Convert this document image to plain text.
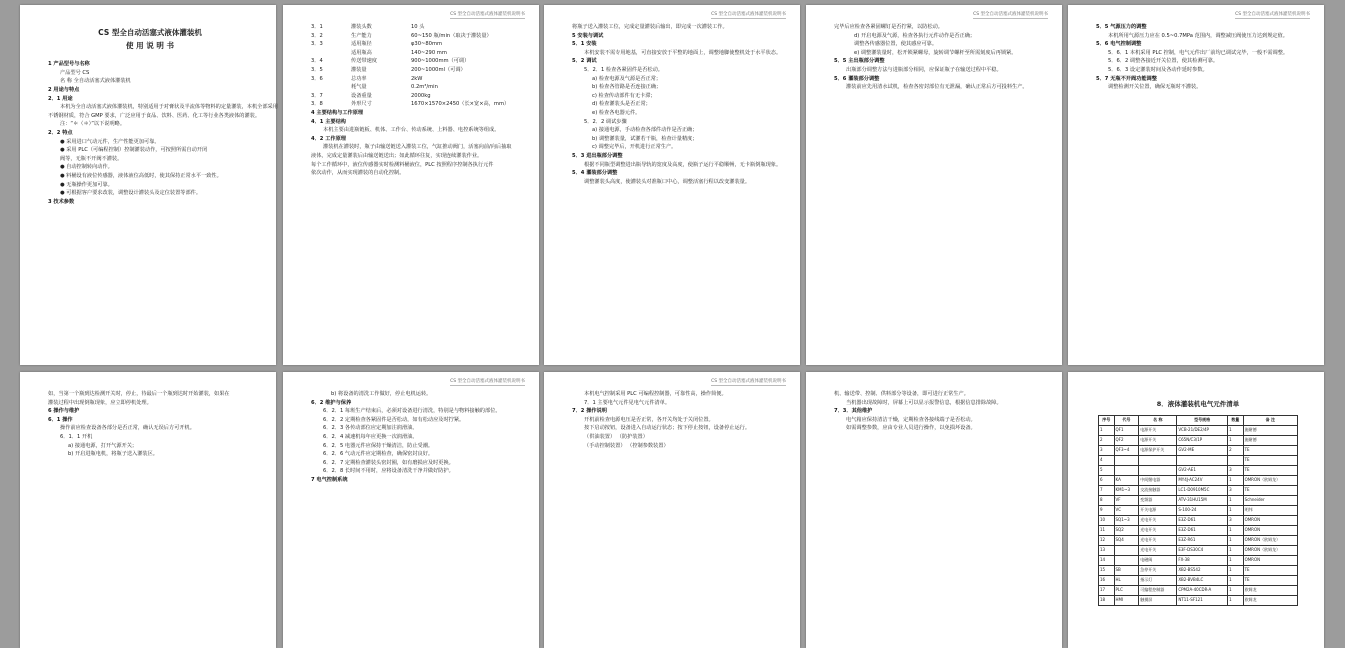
CS 型全自动活塞式液体灌装机
使 用 说 明 书
1 产品型号与名称
产品型号 CS
名 称 全自动活塞式液体灌装机
2 用途与特点
2．1 用途
本机为全自动活塞式液体灌装机，特别适用于对膏状及半流体等物料的定量灌装，本机全部采用
不锈钢材质，符合 GMP 要求，广泛应用于食品、饮料、医药、化工等行业各类液体的灌装。
注：“＊（＊）”以下说明略。
2．2 特点
● 采用进口气动元件，生产性能更加可靠。
● 采用 PLC（可编程控制）控制灌装动作，可按照所需自动开闭
阀等，无瓶不开阀不灌装。
● 自动控制转向动作。
● 料桶设有液位传感器，液体液位高低时，使其保持正常水平一致性。
● 无瓶操作更加可靠。
● 可根据客户要求改装，调整设计灌装头及定位装置等部件。
3 技术参数
CS 型全自动活塞式液体灌装机说明书
3．1	灌装头数	10 头
3．2	生产能力	60~150 瓶/min（取决于灌装量）
3．3	适用瓶径	φ30~80mm
适用瓶高	140~290 mm
3．4	传送带速度	900~1000mm（可调）
3．5	灌装量	200~1000ml（可调）
3．6	总功率	2kW
耗气量	0.2m³/min
3．7	设备重量	2000kg
3．8	外形尺寸	1670×1570×2450（长×宽×高，mm）
4 主要结构与工作原理
4．1 主要结构
本机主要由进瓶链板、机体、工作台、传动系统、上料器、电控系统等组成。
4．2 工作原理
灌装机在灌装时，瓶子由输送链送入灌装工位，气缸推动阀门，活塞向前/向后抽取
液体，完成定量灌装后由输送链送出；如此循环往复，实现连续灌装作业。
每个工作循环中，液位传感器实时检测料桶液位，PLC 按照程序控制各执行元件
依次动作，从而实现灌装的自动化控制。
CS 型全自动活塞式液体灌装机说明书
将瓶子送入灌装工位，完成定量灌装后输出，即完成一次灌装工作。
5 安装与调试
5．1 安装
本机安装不需专用地基，可直接安放于平整的地面上，调整地脚使整机处于水平状态。
5．2 调试
5．2．1 检查各紧固件是否松动。
a) 检查电源及气源是否正常；
b) 检查各管路是否连接正确；
c) 检查传动部件有无卡滞；
d) 检查灌装头是否正常；
e) 检查各电器元件。
5．2．2 调试步骤
a) 接通电源，手动检查各部件动作是否正确；
b) 调整灌装量，试灌若干瓶，检查计量精度；
c) 调整完毕后，开机进行正常生产。
5．3 进出瓶部分调整
根据不同瓶型调整进出瓶导轨的宽度及高度，使瓶子运行平稳顺畅，无卡瓶倒瓶现象。
5．4 灌装部分调整
调整灌装头高度，使灌装头对准瓶口中心，调整活塞行程以改变灌装量。
CS 型全自动活塞式液体灌装机说明书
完毕后应检查各紧固螺钉是否拧紧，以防松动。
d) 开启电源及气源，检查各执行元件动作是否正确；
调整各传感器位置，使其感应可靠。
e) 调整灌装量时，松开锁紧螺母，旋转调节螺杆至所需刻度后再锁紧。
5．5 主出瓶部分调整
出瓶部分调整方法与进瓶部分相同，应保证瓶子在输送过程中平稳。
5．6 灌装部分调整
灌装前应先用清水试机，检查各密封部位有无泄漏，确认正常后方可投料生产。
CS 型全自动活塞式液体灌装机说明书
5．5 气源压力的调整
本机所用气源压力应在 0.5~0.7MPa 范围内，调整减压阀使压力达到规定值。
5．6 电气控制调整
5．6．1 本机采用 PLC 控制，电气元件出厂前均已调试完毕，一般不需调整。
5．6．2 调整各接近开关位置，使其检测可靠。
5．6．3 设定灌装时间及各动作延时参数。
5．7 无瓶不开阀功能调整
调整检测开关位置，确保无瓶时不灌装。
如，当第一个瓶到达检测开关时，停止，待最后一个瓶到达时开始灌装，如果在
灌装过程中出现倒瓶现象，应立即停机处理。
6 操作与维护
6．1 操作
操作前应检查设备各部分是否正常，确认无误后方可开机。
6．1．1 开机
a) 接通电源，打开气源开关；
b) 开启进瓶电机，将瓶子送入灌装区。
CS 型全自动活塞式液体灌装机说明书
b) 将设备的清洗工作做好，停止电机运转。
6．2 维护与保养
6．2．1 每班生产结束后，必须对设备进行清洗，特别是与物料接触的部位。
6．2．2 定期检查各紧固件是否松动，如有松动应及时拧紧。
6．2．3 各传动部位应定期加注润滑油。
6．2．4 减速机每年应更换一次润滑油。
6．2．5 电器元件应保持干燥清洁，防止受潮。
6．2．6 气动元件应定期检查，确保密封良好。
6．2．7 定期检查灌装头密封圈，如有磨损应及时更换。
6．2．8 长时间不用时，应将设备清洗干净并做好防护。
7 电气控制系统
CS 型全自动活塞式液体灌装机说明书
本机电气控制采用 PLC 可编程控制器，可靠性高，操作简便。
7．1 主要电气元件见电气元件清单。
7．2 操作说明
开机前检查电源电压是否正常，各开关均处于关闭位置。
按下启动按钮，设备进入自动运行状态；按下停止按钮，设备停止运行。
（供油装置） （防护装置）
（手动控制装置） （控制参数装置）
机、输送带、控制、供料部分等设备，即可进行正常生产。
当机器出现故障时，屏幕上可以显示报警信息，根据信息排除故障。
7．3．其他维护
电气箱应保持清洁干燥，定期检查各接线端子是否松动。
如需调整参数，应由专业人员进行操作，以免损坏设备。
8．液体灌装机电气元件清单
序号	代号	名 称	型号规格	数量	备 注
1	QF1	电源开关	VCB-21/DE2/4P	1	施耐德
2	QF2	电源开关	C65N/C3/1P	1	施耐德
3	QF3~4	电源保护开关	GV2-ME	2	TE
4					TE
5			GV2-AE1	3	TE
6	KA	中间继电器	MY4J-AC24V	1	OMRON（欧姆龙）
7	KM1~3	交流接触器	LC1-D0910M5C	3	TE
8	VF	变频器	ATV-31HU15M	1	Schneider
9	VC	开关电源	S-100-24	1	明纬
10	SQ1~3	光电开关	E3Z-D61	3	OMRON
11	SQ2	光电开关	E3Z-D61	1	OMRON
12	SQ4	光电开关	E3Z-R61	1	OMRON（欧姆龙）
13		光电开关	E3F-DS30C4	1	OMRON（欧姆龙）
14		电磁阀	FX-38	1	OMRON
15	SB	急停开关	XB2-BS542	1	TE
16	HL	指示灯	XB2-BVB4LC	1	TE
17	PLC	可编程控制器	CPM2A-40CDR-A	1	欧姆龙
18	HMI	触摸屏	NT11-SF121	1	欧姆龙
